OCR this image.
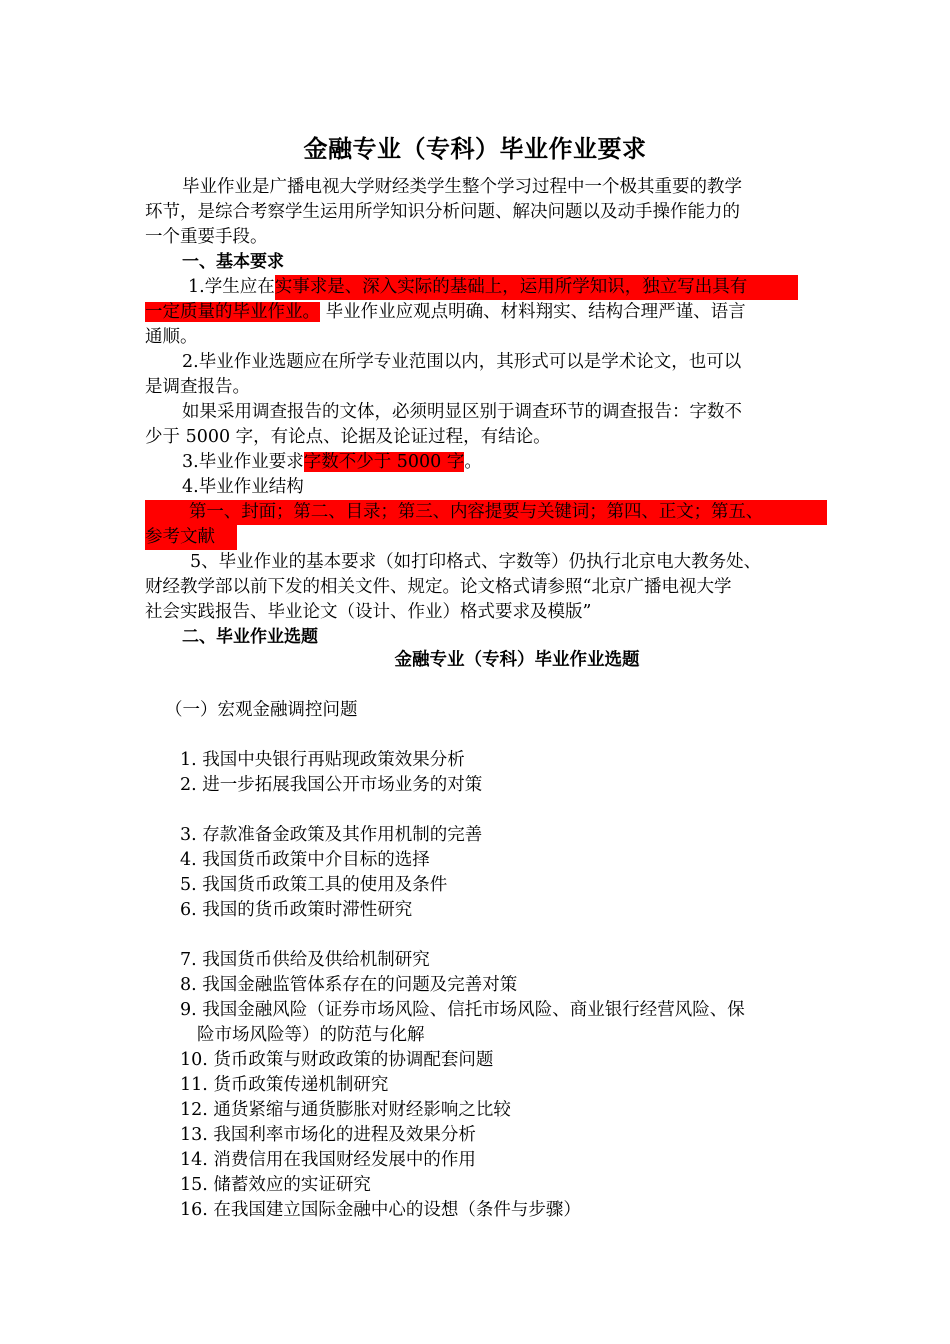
金融专业（专科）毕业作业要求
毕业作业是广播电视大学财经类学生整个学习过程中一个极其重要的教学
环节，是综合考察学生运用所学知识分析问题、解决问题以及动手操作能力的
一个重要手段。
一、基本要求
1.学生应在实事求是、深入实际的基础上，运用所学知识，独立写出具有
一定质量的毕业作业。 毕业作业应观点明确、材料翔实、结构合理严谨、语言
通顺。
2.毕业作业选题应在所学专业范围以内，其形式可以是学术论文，也可以
是调查报告。
如果采用调查报告的文体，必须明显区别于调查环节的调查报告：字数不
少于 5000 字，有论点、论据及论证过程，有结论。
3.毕业作业要求字数不少于 5000 字。
4.毕业作业结构
第一、封面；第二、目录；第三、内容提要与关键词；第四、正文；第五、
参考文献
5、毕业作业的基本要求（如打印格式、字数等）仍执行北京电大教务处、
财经教学部以前下发的相关文件、规定。论文格式请参照“北京广播电视大学
社会实践报告、毕业论文（设计、作业）格式要求及模版”
二、毕业作业选题
金融专业（专科）毕业作业选题
（一）宏观金融调控问题
1. 我国中央银行再贴现政策效果分析
2. 进一步拓展我国公开市场业务的对策
3. 存款准备金政策及其作用机制的完善
4. 我国货币政策中介目标的选择
5. 我国货币政策工具的使用及条件
6. 我国的货币政策时滞性研究
7. 我国货币供给及供给机制研究
8. 我国金融监管体系存在的问题及完善对策
9. 我国金融风险（证券市场风险、信托市场风险、商业银行经营风险、保
险市场风险等）的防范与化解
10. 货币政策与财政政策的协调配套问题
11. 货币政策传递机制研究
12. 通货紧缩与通货膨胀对财经影响之比较
13. 我国利率市场化的进程及效果分析
14. 消费信用在我国财经发展中的作用
15. 储蓄效应的实证研究
16. 在我国建立国际金融中心的设想（条件与步骤）
